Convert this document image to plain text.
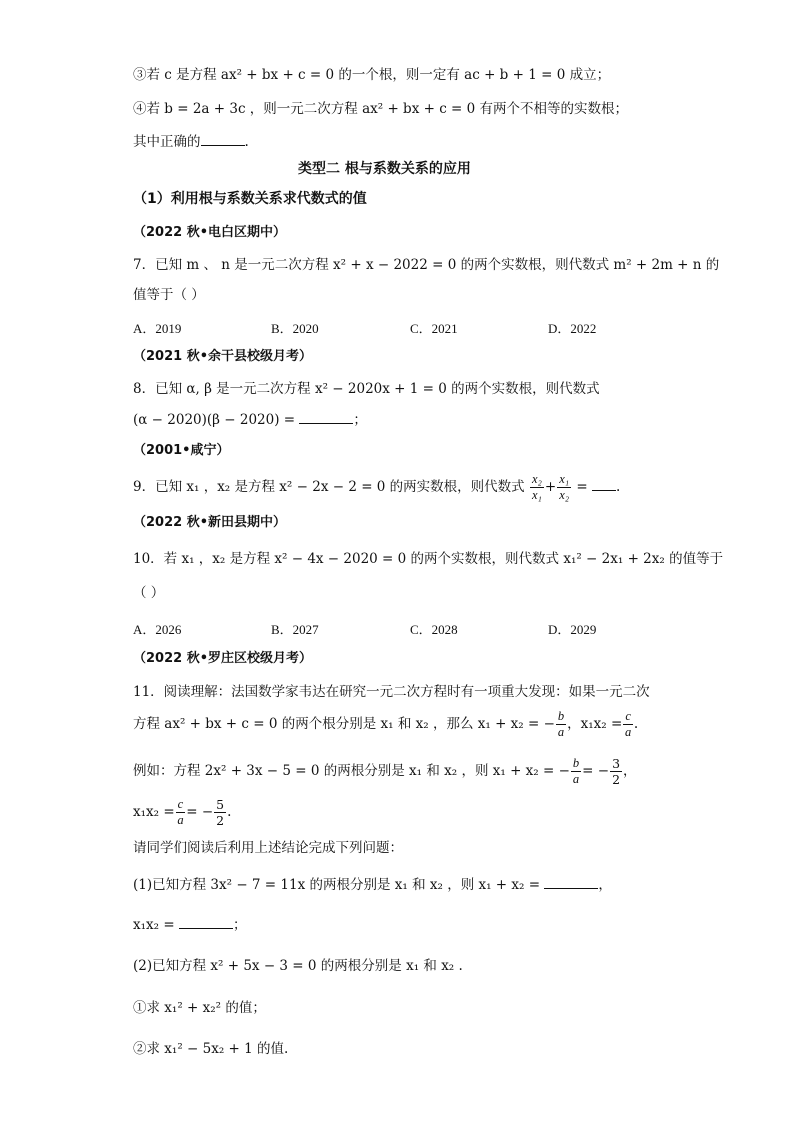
③若 c 是方程 ax² + bx + c = 0 的一个根，则一定有 ac + b + 1 = 0 成立；
④若 b = 2a + 3c ，则一元二次方程 ax² + bx + c = 0 有两个不相等的实数根；
其中正确的	.
类型二 根与系数关系的应用
（1）利用根与系数关系求代数式的值
（2022 秋•电白区期中）
7．已知 m 、 n 是一元二次方程 x² + x − 2022 = 0 的两个实数根，则代数式 m² + 2m + n 的
值等于（ ）
A．2019	B．2020	C．2021	D．2022
（2021 秋•余干县校级月考）
8．已知 α, β 是一元二次方程 x² − 2020x + 1 = 0 的两个实数根，则代数式
(α − 2020)(β − 2020) =	；
（2001•咸宁）
9．已知 x₁ ，x₂ 是方程 x² − 2x − 2 = 0 的两实数根，则代数式 $\frac{\text{x₂}}{\text{x₁}} + \frac{\text{x₁}}{\text{x₂}}$ = .
（2022 秋•新田县期中）
10．若 x₁ ，x₂ 是方程 x² − 4x − 2020 = 0 的两个实数根，则代数式 x₁² − 2x₁ + 2x₂ 的值等于
（ ）
A．2026	B．2027	C．2028	D．2029
（2022 秋•罗庄区校级月考）
11．阅读理解：法国数学家韦达在研究一元二次方程时有一项重大发现：如果一元二次
方程 ax² + bx + c = 0 的两个根分别是 x₁ 和 x₂ ，那么 x₁ + x₂ = − $\frac{b}{a}$ ，$x_1x_2 = \frac{c}{a}$ .
例如：方程 2x² + 3x − 5 = 0 的两根分别是 x₁ 和 x₂ ，则 x₁ + x₂ = − $\frac{b}{a}$ = − $\frac{3}{2}$ ，
$x_1x_2 = \frac{c}{a}$ = − $\frac{5}{2}$ .
请同学们阅读后利用上述结论完成下列问题：
(1)已知方程 3x² − 7 = 11x 的两根分别是 x₁ 和 x₂ ，则 x₁ + x₂ =	，
x₁x₂ =	；
(2)已知方程 x² + 5x − 3 = 0 的两根分别是 x₁ 和 x₂ .
①求 x₁² + x₂² 的值；
②求 x₁² − 5x₂ + 1 的值.
